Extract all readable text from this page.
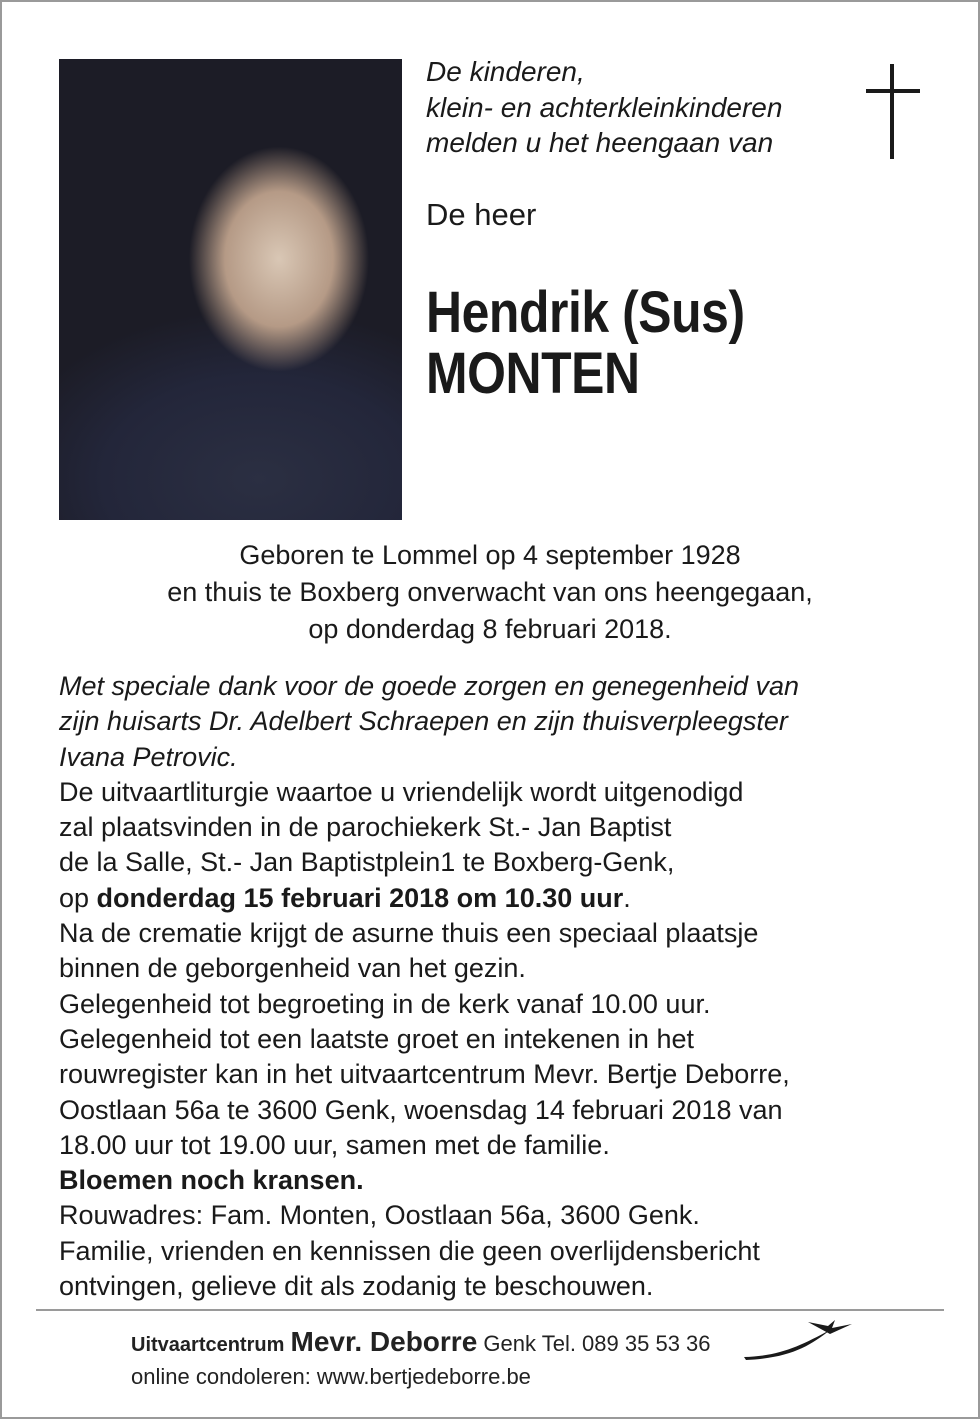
De kinderen,
klein- en achterkleinkinderen
melden u het heengaan van
De heer
Hendrik (Sus)
MONTEN
Geboren te Lommel op 4 september 1928
en thuis te Boxberg onverwacht van ons heengegaan,
op donderdag 8 februari 2018.
Met speciale dank voor de goede zorgen en genegenheid van
zijn huisarts Dr. Adelbert Schraepen en zijn thuisverpleegster
Ivana Petrovic.
De uitvaartliturgie waartoe u vriendelijk wordt uitgenodigd
zal plaatsvinden in de parochiekerk St.- Jan Baptist
de la Salle, St.- Jan Baptistplein1 te Boxberg-Genk,
op donderdag 15 februari 2018 om 10.30 uur.
Na de crematie krijgt de asurne thuis een speciaal plaatsje
binnen de geborgenheid van het gezin.
Gelegenheid tot begroeting in de kerk vanaf 10.00 uur.
Gelegenheid tot een laatste groet en intekenen in het
rouwregister kan in het uitvaartcentrum Mevr. Bertje Deborre,
Oostlaan 56a te 3600 Genk, woensdag 14 februari 2018 van
18.00 uur tot 19.00 uur, samen met de familie.
Bloemen noch kransen.
Rouwadres: Fam. Monten, Oostlaan 56a, 3600 Genk.
Familie, vrienden en kennissen die geen overlijdensbericht
ontvingen, gelieve dit als zodanig te beschouwen.
Uitvaartcentrum Mevr. Deborre Genk Tel. 089 35 53 36
online condoleren: www.bertjedeborre.be
